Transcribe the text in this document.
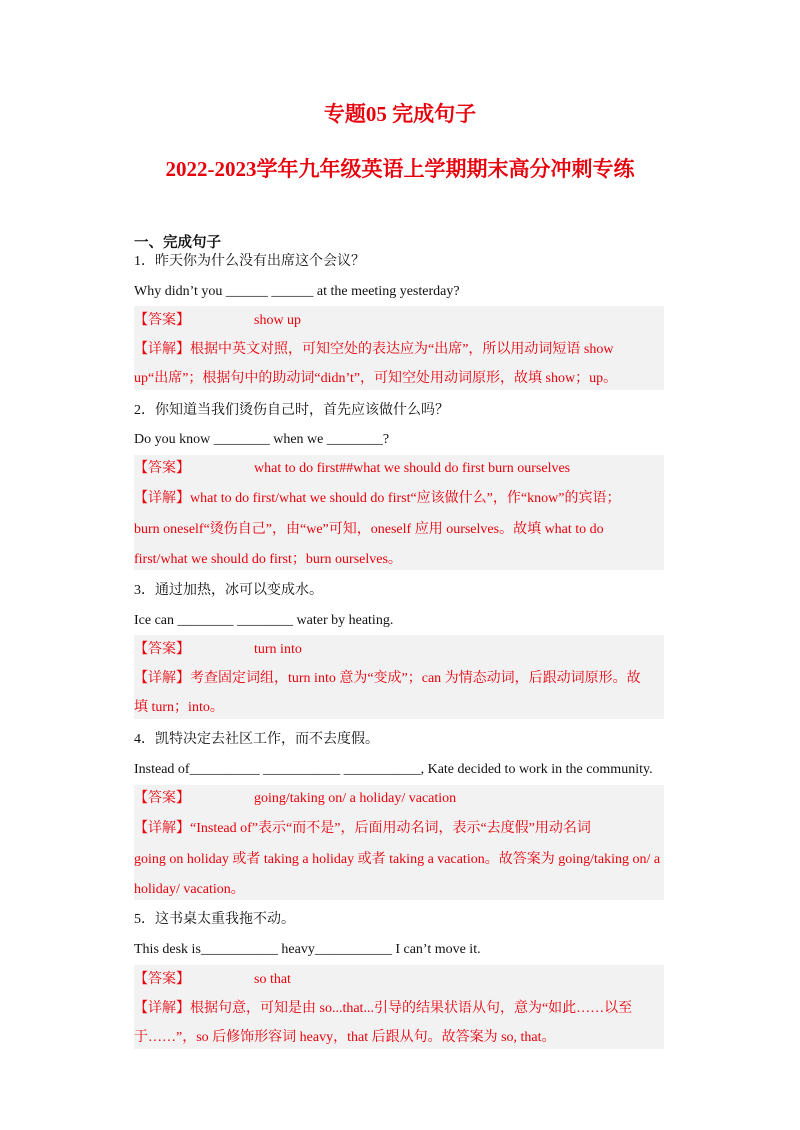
专题05 完成句子
2022-2023学年九年级英语上学期期末高分冲刺专练
一、完成句子
1．昨天你为什么没有出席这个会议？
Why didn’t you ______ ______ at the meeting yesterday?
【答案】	show up
【详解】根据中英文对照，可知空处的表达应为“出席”，所以用动词短语 show
up“出席”；根据句中的助动词“didn’t”，可知空处用动词原形，故填 show；up。
2．你知道当我们烫伤自己时，首先应该做什么吗？
Do you know ________ when we ________?
【答案】	what to do first##what we should do first burn ourselves
【详解】what to do first/what we should do first“应该做什么”，作“know”的宾语；
burn oneself“烫伤自己”，由“we”可知，oneself 应用 ourselves。故填 what to do
first/what we should do first；burn ourselves。
3．通过加热，冰可以变成水。
Ice can ________ ________ water by heating.
【答案】	turn into
【详解】考查固定词组，turn into 意为“变成”；can 为情态动词，后跟动词原形。故
填 turn；into。
4．凯特决定去社区工作，而不去度假。
Instead of__________ ___________ ___________, Kate decided to work in the community.
【答案】	going/taking on/ a holiday/ vacation
【详解】“Instead of”表示“而不是”，后面用动名词，表示“去度假”用动名词
going on holiday 或者 taking a holiday 或者 taking a vacation。故答案为 going/taking on/ a
holiday/ vacation。
5．这书桌太重我拖不动。
This desk is___________ heavy___________ I can’t move it.
【答案】	so that
【详解】根据句意，可知是由 so...that...引导的结果状语从句，意为“如此……以至
于……”，so 后修饰形容词 heavy，that 后跟从句。故答案为 so, that。
